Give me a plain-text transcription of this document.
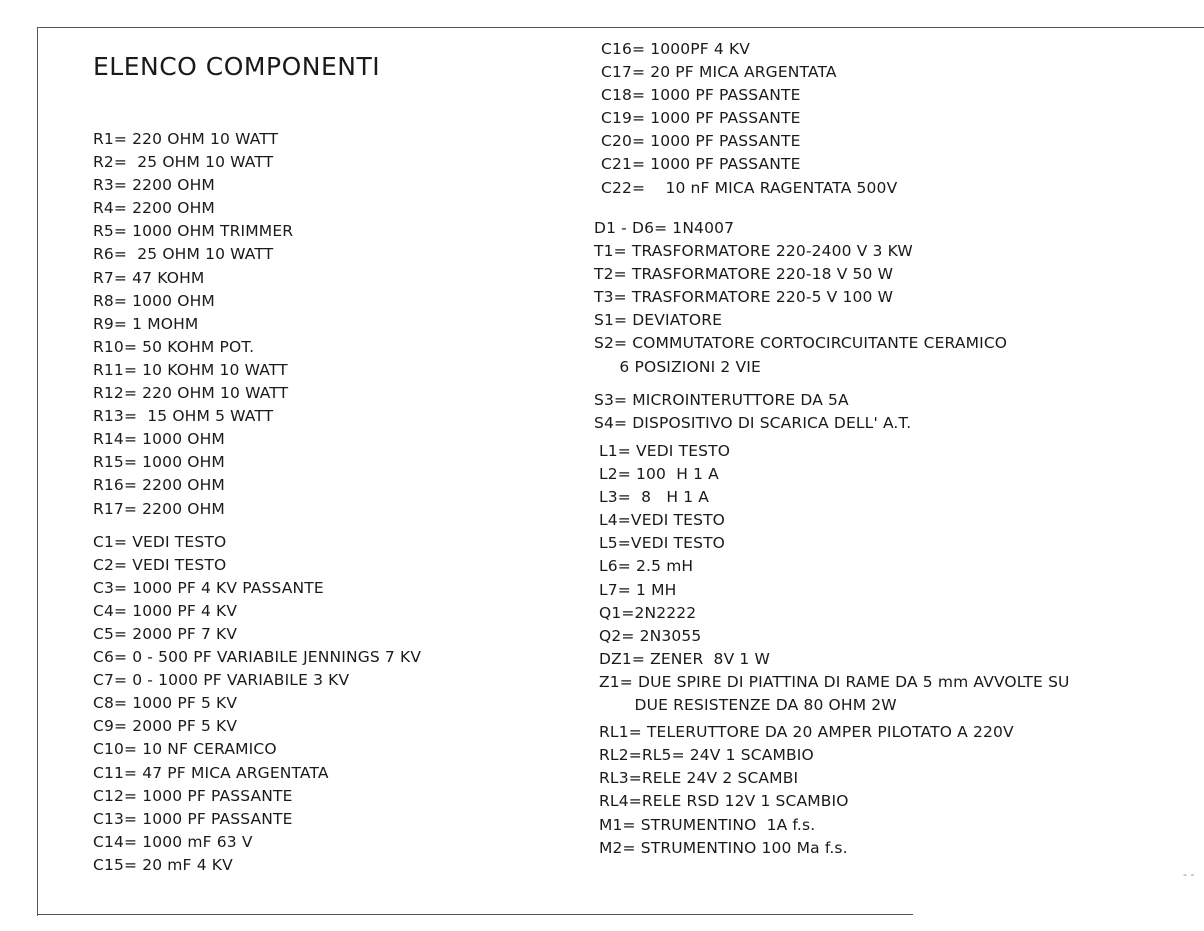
ELENCO COMPONENTI
R1= 220 OHM 10 WATT
R2=  25 OHM 10 WATT
R3= 2200 OHM
R4= 2200 OHM
R5= 1000 OHM TRIMMER
R6=  25 OHM 10 WATT
R7= 47 KOHM
R8= 1000 OHM
R9= 1 MOHM
R10= 50 KOHM POT.
R11= 10 KOHM 10 WATT
R12= 220 OHM 10 WATT
R13=  15 OHM 5 WATT
R14= 1000 OHM
R15= 1000 OHM
R16= 2200 OHM
R17= 2200 OHM
C1= VEDI TESTO
C2= VEDI TESTO
C3= 1000 PF 4 KV PASSANTE
C4= 1000 PF 4 KV
C5= 2000 PF 7 KV
C6= 0 - 500 PF VARIABILE JENNINGS 7 KV
C7= 0 - 1000 PF VARIABILE 3 KV
C8= 1000 PF 5 KV
C9= 2000 PF 5 KV
C10= 10 NF CERAMICO
C11= 47 PF MICA ARGENTATA
C12= 1000 PF PASSANTE
C13= 1000 PF PASSANTE
C14= 1000 mF 63 V
C15= 20 mF 4 KV
C16= 1000PF 4 KV
C17= 20 PF MICA ARGENTATA
C18= 1000 PF PASSANTE
C19= 1000 PF PASSANTE
C20= 1000 PF PASSANTE
C21= 1000 PF PASSANTE
C22=    10 nF MICA RAGENTATA 500V
D1 - D6= 1N4007
T1= TRASFORMATORE 220-2400 V 3 KW
T2= TRASFORMATORE 220-18 V 50 W
T3= TRASFORMATORE 220-5 V 100 W
S1= DEVIATORE
S2= COMMUTATORE CORTOCIRCUITANTE CERAMICO
6 POSIZIONI 2 VIE
S3= MICROINTERUTTORE DA 5A
S4= DISPOSITIVO DI SCARICA DELL' A.T.
L1= VEDI TESTO
L2= 100  H 1 A
L3=  8   H 1 A
L4=VEDI TESTO
L5=VEDI TESTO
L6= 2.5 mH
L7= 1 MH
Q1=2N2222
Q2= 2N3055
DZ1= ZENER  8V 1 W
Z1= DUE SPIRE DI PIATTINA DI RAME DA 5 mm AVVOLTE SU
DUE RESISTENZE DA 80 OHM 2W
RL1= TELERUTTORE DA 20 AMPER PILOTATO A 220V
RL2=RL5= 24V 1 SCAMBIO
RL3=RELE 24V 2 SCAMBI
RL4=RELE RSD 12V 1 SCAMBIO
M1= STRUMENTINO  1A f.s.
M2= STRUMENTINO 100 Ma f.s.
- -
